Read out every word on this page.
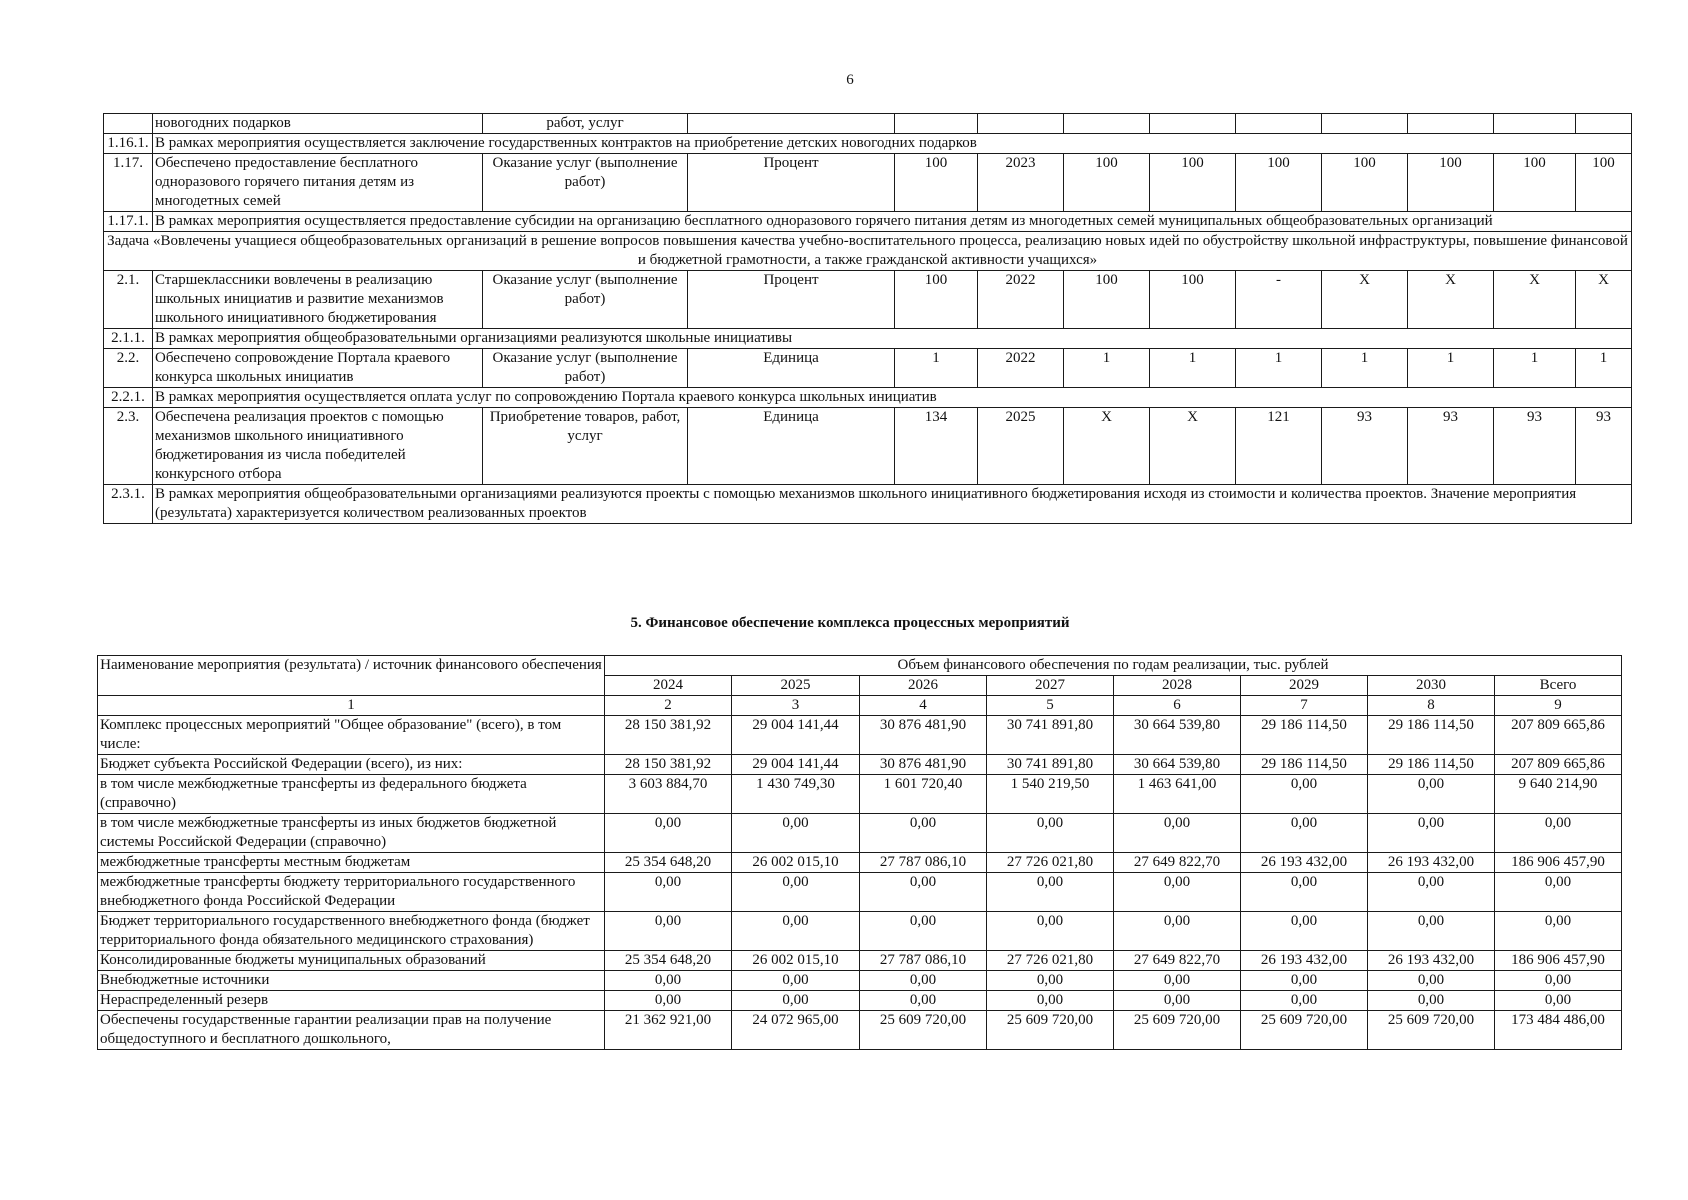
6
	новогодних подарков	работ, услуг										
1.16.1.	В рамках мероприятия осуществляется заключение государственных контрактов на приобретение детских новогодних подарков											
1.17.	Обеспечено предоставление бесплатного одноразового горячего питания детям из многодетных семей	Оказание услуг (выполнение работ)	Процент	100	2023	100	100	100	100	100	100	100
1.17.1.	В рамках мероприятия осуществляется предоставление субсидии на организацию бесплатного одноразового горячего питания детям из многодетных семей муниципальных общеобразовательных организаций											
Задача «Вовлечены учащиеся общеобразовательных организаций в решение вопросов повышения качества учебно-воспитательного процесса, реализацию новых идей по обустройству школьной инфраструктуры, повышение финансовой и бюджетной грамотности, а также гражданской активности учащихся»												
2.1.	Старшеклассники вовлечены в реализацию школьных инициатив и развитие механизмов школьного инициативного бюджетирования	Оказание услуг (выполнение работ)	Процент	100	2022	100	100	-	X	X	X	X
2.1.1.	В рамках мероприятия общеобразовательными организациями реализуются школьные инициативы											
2.2.	Обеспечено сопровождение Портала краевого конкурса школьных инициатив	Оказание услуг (выполнение работ)	Единица	1	2022	1	1	1	1	1	1	1
2.2.1.	В рамках мероприятия осуществляется оплата услуг по сопровождению Портала краевого конкурса школьных инициатив											
2.3.	Обеспечена реализация проектов с помощью механизмов школьного инициативного бюджетирования из числа победителей конкурсного отбора	Приобретение товаров, работ, услуг	Единица	134	2025	X	X	121	93	93	93	93
2.3.1.	В рамках мероприятия общеобразовательными организациями реализуются проекты с помощью механизмов школьного инициативного бюджетирования исходя из стоимости и количества проектов. Значение мероприятия (результата) характеризуется количеством реализованных проектов											
5. Финансовое обеспечение комплекса процессных мероприятий
Наименование мероприятия (результата) / источник финансового обеспечения	Объем финансового обеспечения по годам реализации, тыс. рублей							
	2024	2025	2026	2027	2028	2029	2030	Всего
1	2	3	4	5	6	7	8	9
Комплекс процессных мероприятий "Общее образование" (всего), в том числе:	28 150 381,92	29 004 141,44	30 876 481,90	30 741 891,80	30 664 539,80	29 186 114,50	29 186 114,50	207 809 665,86
Бюджет субъекта Российской Федерации (всего), из них:	28 150 381,92	29 004 141,44	30 876 481,90	30 741 891,80	30 664 539,80	29 186 114,50	29 186 114,50	207 809 665,86
в том числе межбюджетные трансферты из федерального бюджета (справочно)	3 603 884,70	1 430 749,30	1 601 720,40	1 540 219,50	1 463 641,00	0,00	0,00	9 640 214,90
в том числе межбюджетные трансферты из иных бюджетов бюджетной системы Российской Федерации (справочно)	0,00	0,00	0,00	0,00	0,00	0,00	0,00	0,00
межбюджетные трансферты местным бюджетам	25 354 648,20	26 002 015,10	27 787 086,10	27 726 021,80	27 649 822,70	26 193 432,00	26 193 432,00	186 906 457,90
межбюджетные трансферты бюджету территориального государственного внебюджетного фонда Российской Федерации	0,00	0,00	0,00	0,00	0,00	0,00	0,00	0,00
Бюджет территориального государственного внебюджетного фонда (бюджет территориального фонда обязательного медицинского страхования)	0,00	0,00	0,00	0,00	0,00	0,00	0,00	0,00
Консолидированные бюджеты муниципальных образований	25 354 648,20	26 002 015,10	27 787 086,10	27 726 021,80	27 649 822,70	26 193 432,00	26 193 432,00	186 906 457,90
Внебюджетные источники	0,00	0,00	0,00	0,00	0,00	0,00	0,00	0,00
Нераспределенный резерв	0,00	0,00	0,00	0,00	0,00	0,00	0,00	0,00
Обеспечены государственные гарантии реализации прав на получение общедоступного и бесплатного дошкольного,	21 362 921,00	24 072 965,00	25 609 720,00	25 609 720,00	25 609 720,00	25 609 720,00	25 609 720,00	173 484 486,00
